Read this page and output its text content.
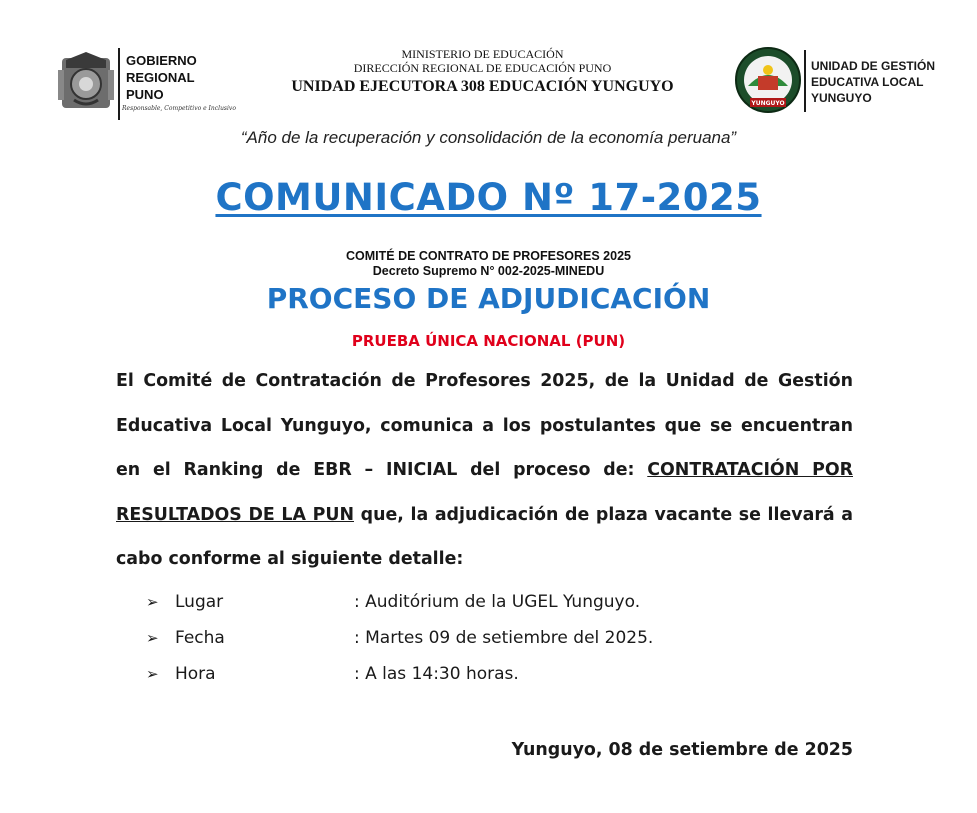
GOBIERNO
REGIONAL
PUNO
Responsable, Competitivo e Inclusivo
MINISTERIO DE EDUCACIÓN
DIRECCIÓN REGIONAL DE EDUCACIÓN PUNO
UNIDAD EJECUTORA 308 EDUCACIÓN YUNGUYO
YUNGUYO
UNIDAD DE GESTIÓN
EDUCATIVA LOCAL
YUNGUYO
“Año de la recuperación y consolidación de la economía peruana”
COMUNICADO Nº 17-2025
COMITÉ DE CONTRATO DE PROFESORES 2025
Decreto Supremo N° 002-2025-MINEDU
PROCESO DE ADJUDICACIÓN
PRUEBA ÚNICA NACIONAL (PUN)
El Comité de Contratación de Profesores 2025, de la Unidad de Gestión Educativa Local Yunguyo, comunica a los postulantes que se encuentran en el Ranking de EBR – INICIAL del proceso de: CONTRATACIÓN POR RESULTADOS DE LA PUN que, la adjudicación de plaza vacante se llevará a cabo conforme al siguiente detalle:
➢ Lugar	: Auditórium de la UGEL Yunguyo.
➢ Fecha	: Martes 09 de setiembre del 2025.
➢ Hora	: A las 14:30 horas.
Yunguyo, 08 de setiembre de 2025
